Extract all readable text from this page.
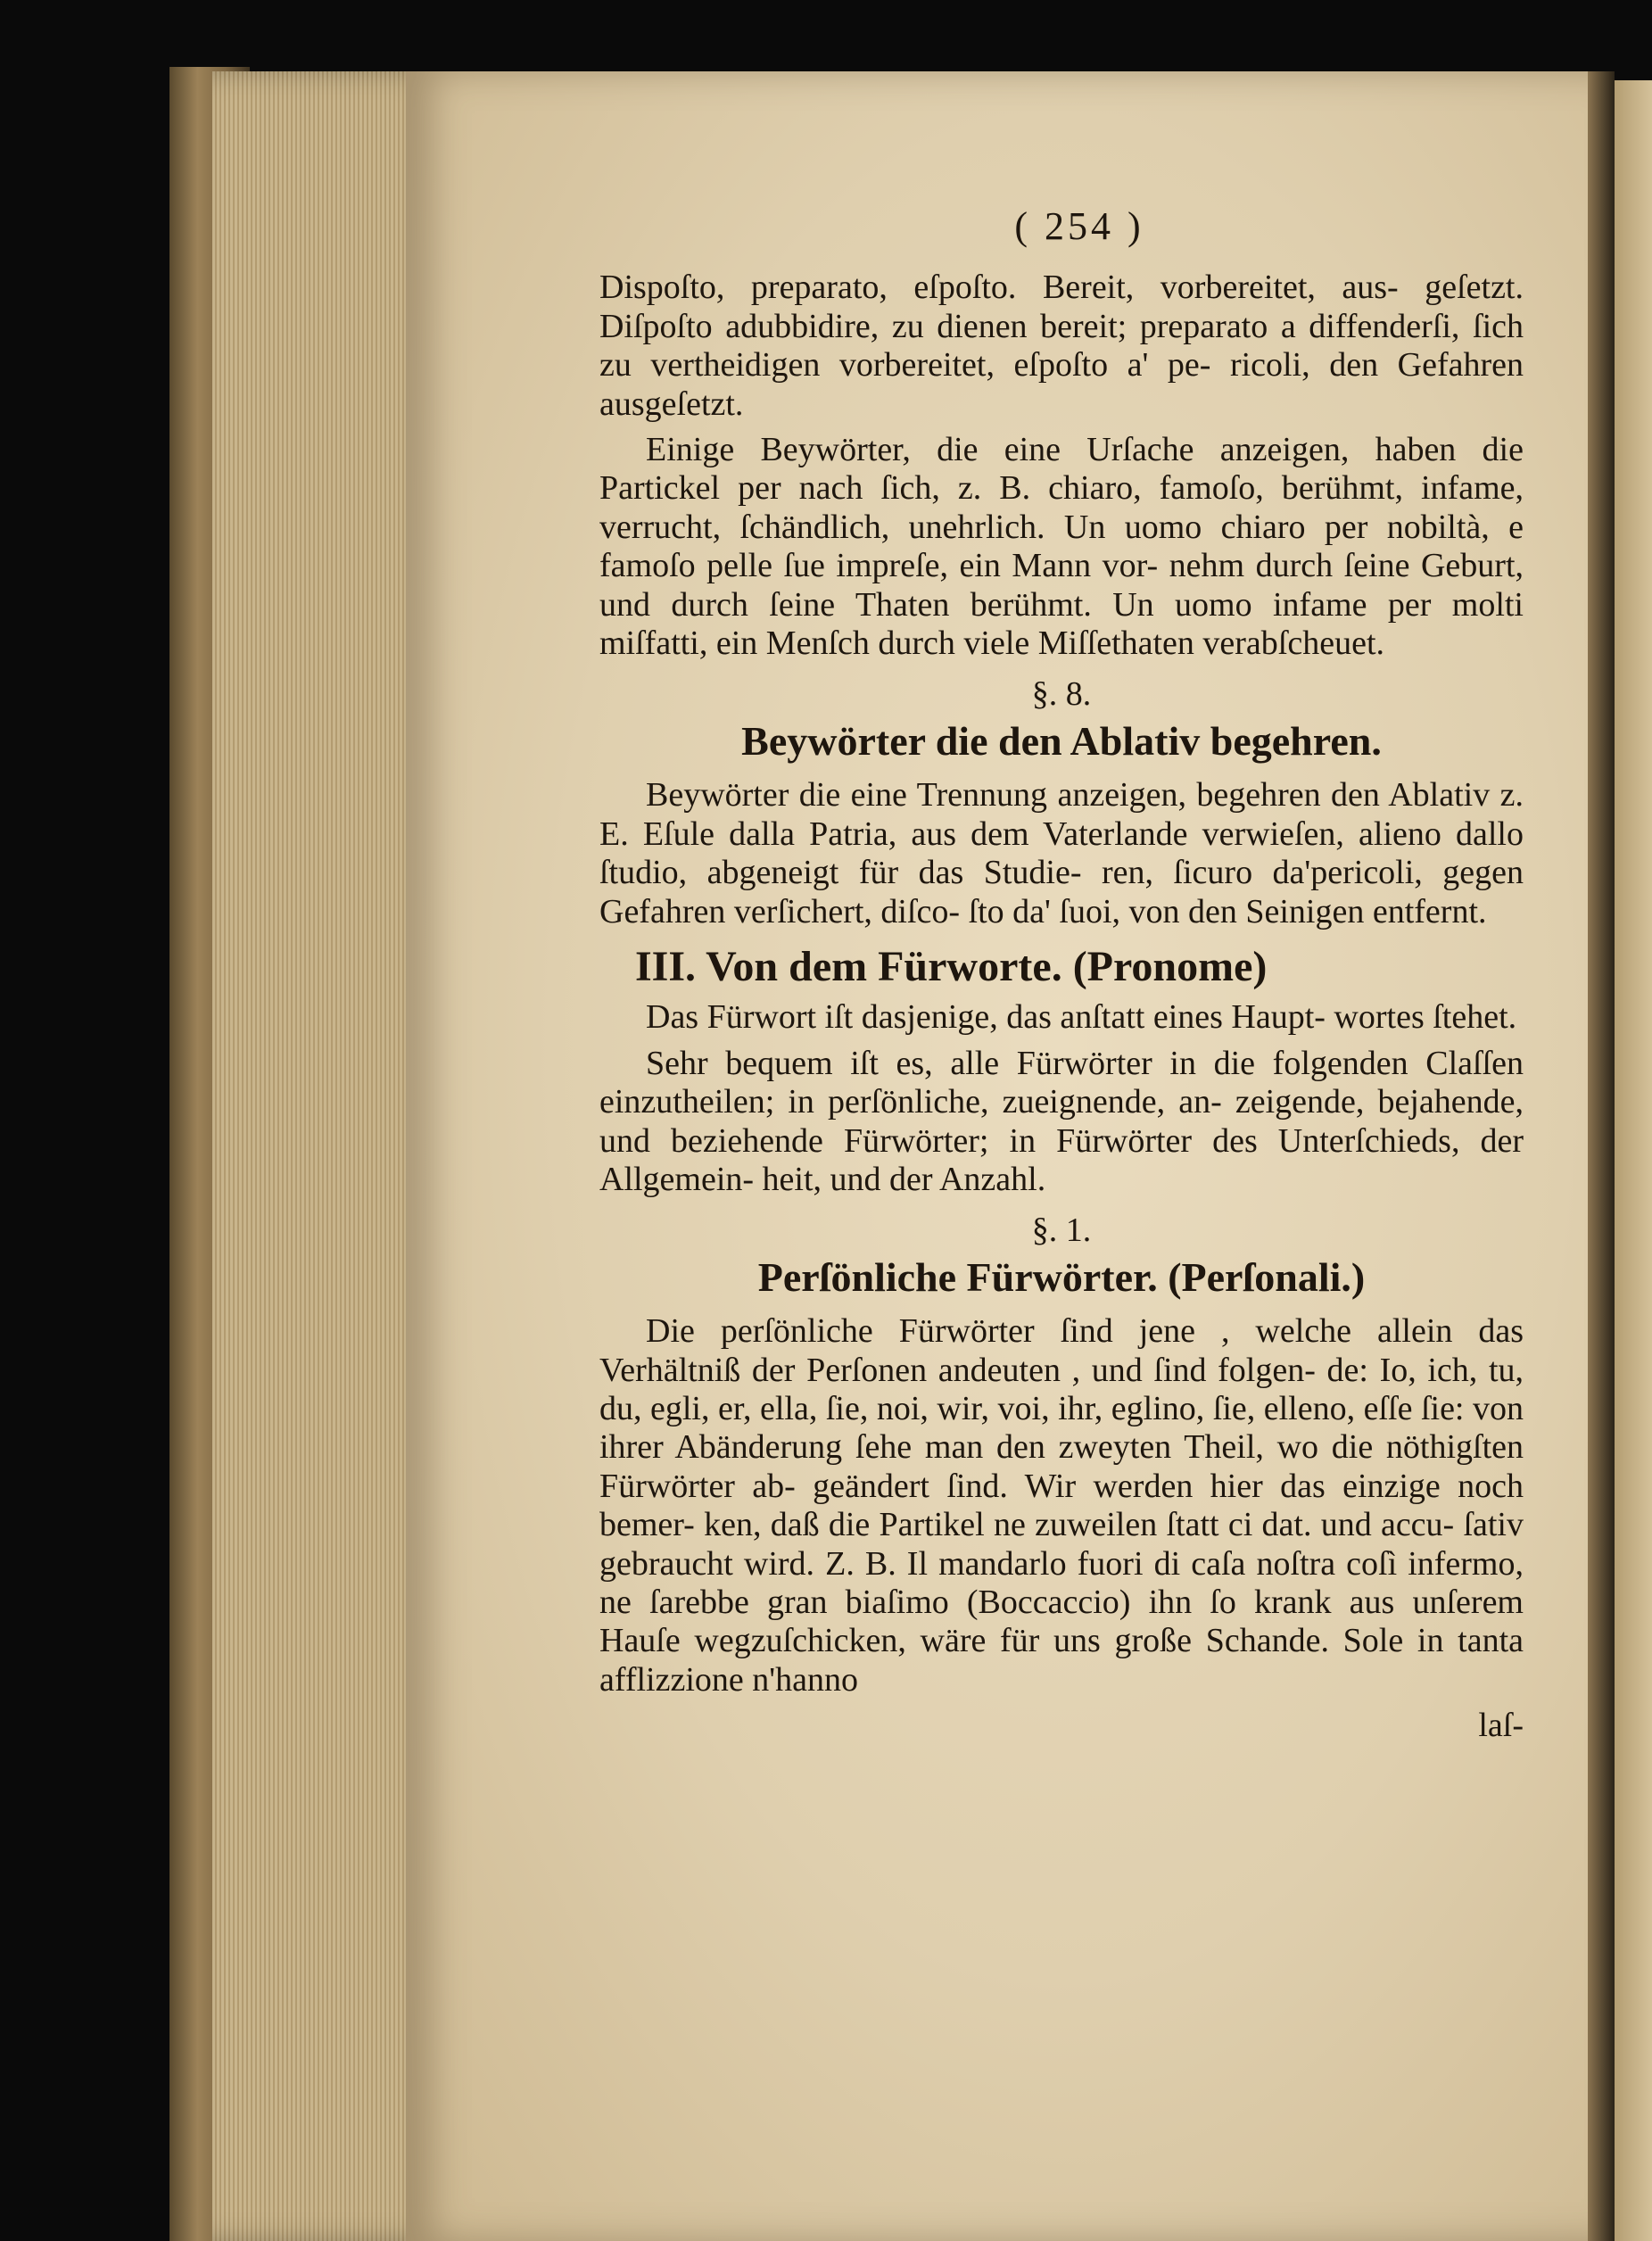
( 254 )

Dispoſto, preparato, eſpoſto. Bereit, vorbereitet, aus- geſetzt. Diſpoſto adubbidire, zu dienen bereit; preparato a diffenderſi, ſich zu vertheidigen vorbereitet, eſpoſto a' pe- ricoli, den Gefahren ausgeſetzt.

Einige Beywörter, die eine Urſache anzeigen, haben die Partickel per nach ſich, z. B. chiaro, famoſo, berühmt, infame, verrucht, ſchändlich, unehrlich. Un uomo chiaro per nobiltà, e famoſo pelle ſue impreſe, ein Mann vor- nehm durch ſeine Geburt, und durch ſeine Thaten berühmt. Un uomo infame per molti miſfatti, ein Menſch durch viele Miſſethaten verabſcheuet.

§. 8.
Beywörter die den Ablativ begehren.

Beywörter die eine Trennung anzeigen, begehren den Ablativ z. E. Eſule dalla Patria, aus dem Vaterlande verwieſen, alieno dallo ſtudio, abgeneigt für das Studie- ren, ſicuro da'pericoli, gegen Gefahren verſichert, diſco- ſto da' ſuoi, von den Seinigen entfernt.

III. Von dem Fürworte. (Pronome)

Das Fürwort iſt dasjenige, das anſtatt eines Haupt- wortes ſtehet.

Sehr bequem iſt es, alle Fürwörter in die folgenden Claſſen einzutheilen; in perſönliche, zueignende, an- zeigende, bejahende, und beziehende Fürwörter; in Fürwörter des Unterſchieds, der Allgemein- heit, und der Anzahl.

§. 1.
Perſönliche Fürwörter. (Perſonali.)

Die perſönliche Fürwörter ſind jene , welche allein das Verhältniß der Perſonen andeuten , und ſind folgen- de: Io, ich, tu, du, egli, er, ella, ſie, noi, wir, voi, ihr, eglino, ſie, elleno, eſſe ſie: von ihrer Abänderung ſehe man den zweyten Theil, wo die nöthigſten Fürwörter ab- geändert ſind. Wir werden hier das einzige noch bemer- ken, daß die Partikel ne zuweilen ſtatt ci dat. und accu- ſativ gebraucht wird. Z. B. Il mandarlo fuori di caſa noſtra coſì infermo, ne ſarebbe gran biaſimo (Boccaccio) ihn ſo krank aus unſerem Hauſe wegzuſchicken, wäre für uns große Schande. Sole in tanta afflizzione n'hanno

laſ-
